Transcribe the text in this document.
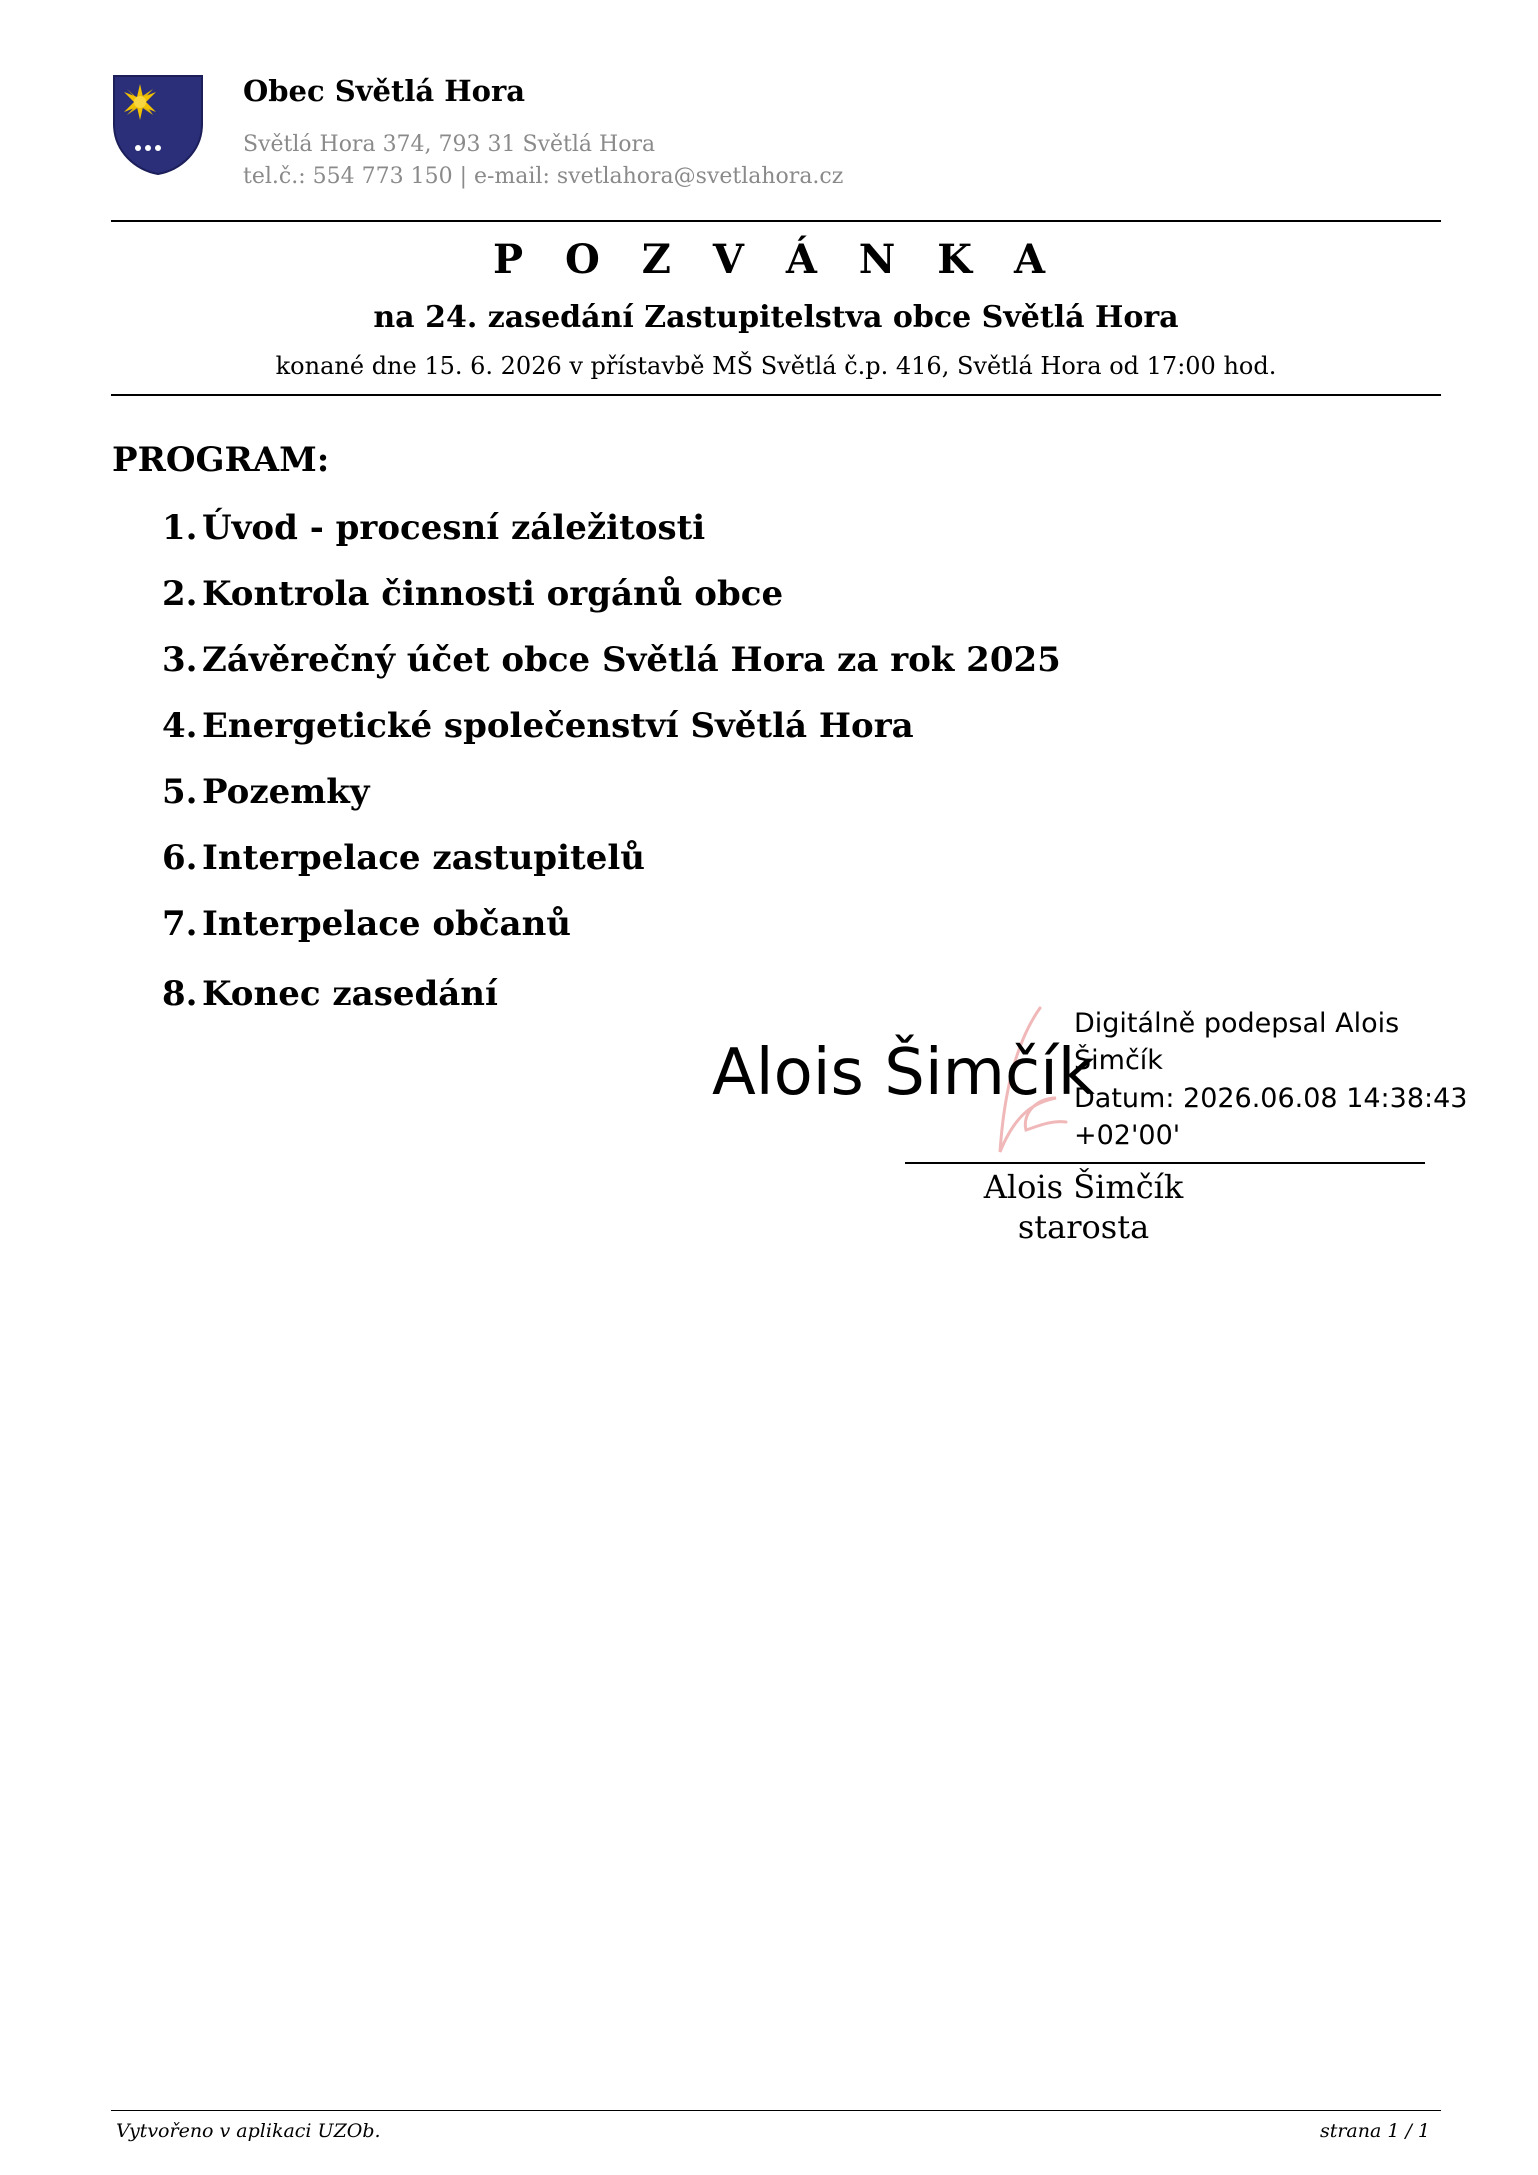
Obec Světlá Hora
Světlá Hora 374, 793 31 Světlá Hora
tel.č.: 554 773 150 | e-mail: svetlahora@svetlahora.cz
P O Z V Á N K A
na 24. zasedání Zastupitelstva obce Světlá Hora
konané dne 15. 6. 2026 v přístavbě MŠ Světlá č.p. 416, Světlá Hora od 17:00 hod.
PROGRAM:
1. Úvod - procesní záležitosti
2. Kontrola činnosti orgánů obce
3. Závěrečný účet obce Světlá Hora za rok 2025
4. Energetické společenství Světlá Hora
5. Pozemky
6. Interpelace zastupitelů
7. Interpelace občanů
8. Konec zasedání
Alois Šimčík
Digitálně podepsal Alois
Šimčík
Datum: 2026.06.08 14:38:43
+02'00'
Alois Šimčík
starosta
Vytvořeno v aplikaci UZOb.	strana 1 / 1
